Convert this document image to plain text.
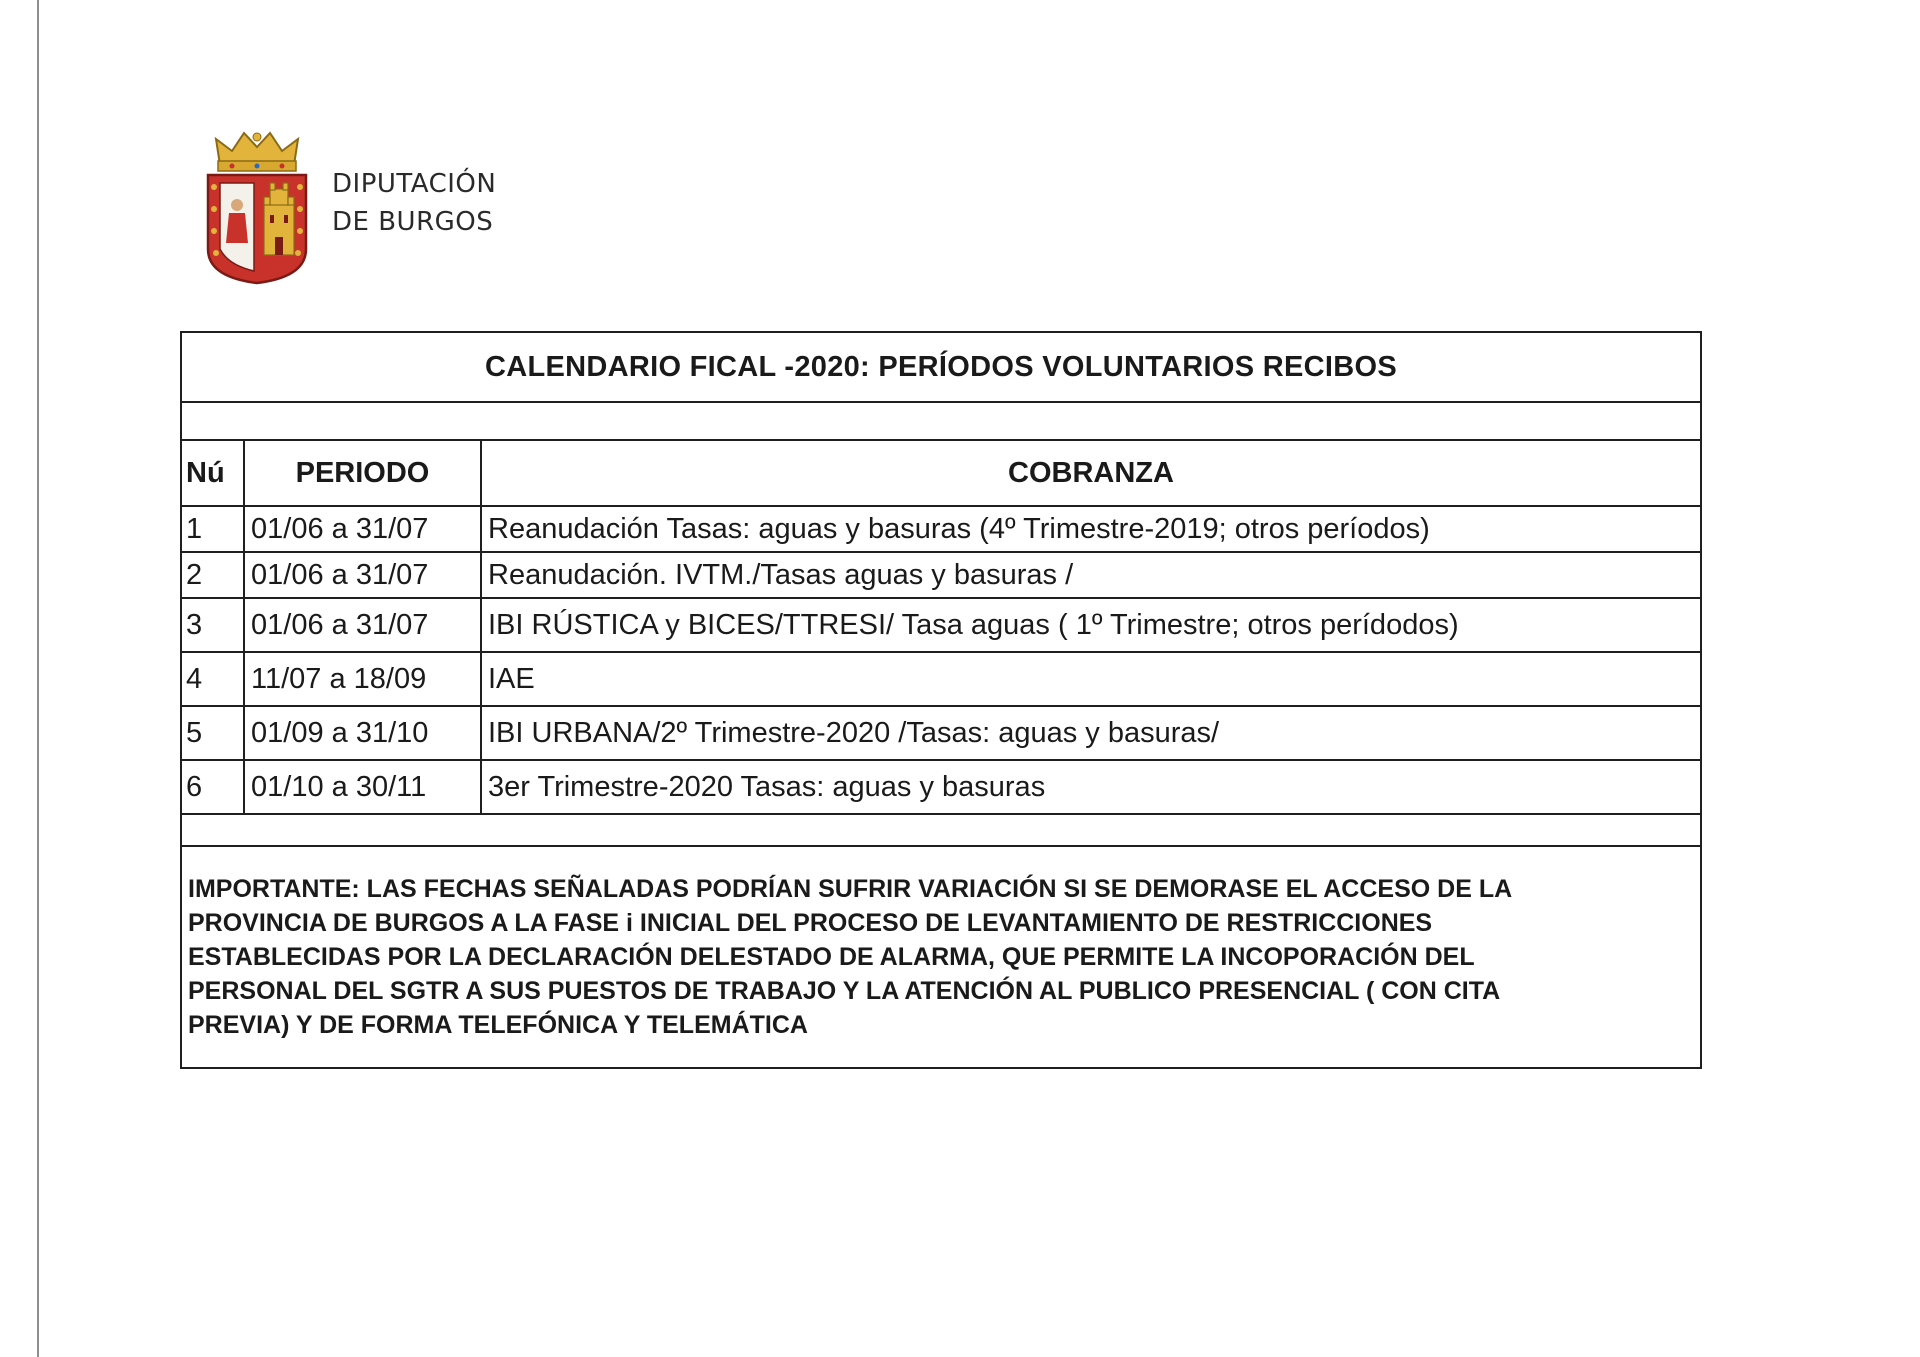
DIPUTACIÓN
DE BURGOS
CALENDARIO FICAL -2020: PERÍODOS VOLUNTARIOS RECIBOS		

Nú	PERIODO	COBRANZA
1	01/06 a 31/07	Reanudación Tasas: aguas y basuras (4º Trimestre-2019; otros períodos)
2	01/06 a 31/07	Reanudación. IVTM./Tasas aguas y basuras /
3	01/06 a 31/07	IBI RÚSTICA y BICES/TTRESI/ Tasa aguas ( 1º Trimestre; otros perídodos)
4	11/07 a 18/09	IAE
5	01/09 a 31/10	IBI URBANA/2º Trimestre-2020 /Tasas: aguas y basuras/
6	01/10 a 30/11	3er Trimestre-2020 Tasas: aguas y basuras

IMPORTANTE: LAS FECHAS SEÑALADAS PODRÍAN SUFRIR VARIACIÓN SI SE DEMORASE EL ACCESO DE LA
PROVINCIA DE BURGOS A LA FASE i INICIAL DEL PROCESO DE LEVANTAMIENTO DE RESTRICCIONES
ESTABLECIDAS POR LA DECLARACIÓN DELESTADO DE ALARMA, QUE PERMITE LA INCOPORACIÓN DEL
PERSONAL DEL SGTR A SUS PUESTOS DE TRABAJO Y LA ATENCIÓN AL PUBLICO PRESENCIAL ( CON CITA
PREVIA) Y DE FORMA TELEFÓNICA Y TELEMÁTICA		
